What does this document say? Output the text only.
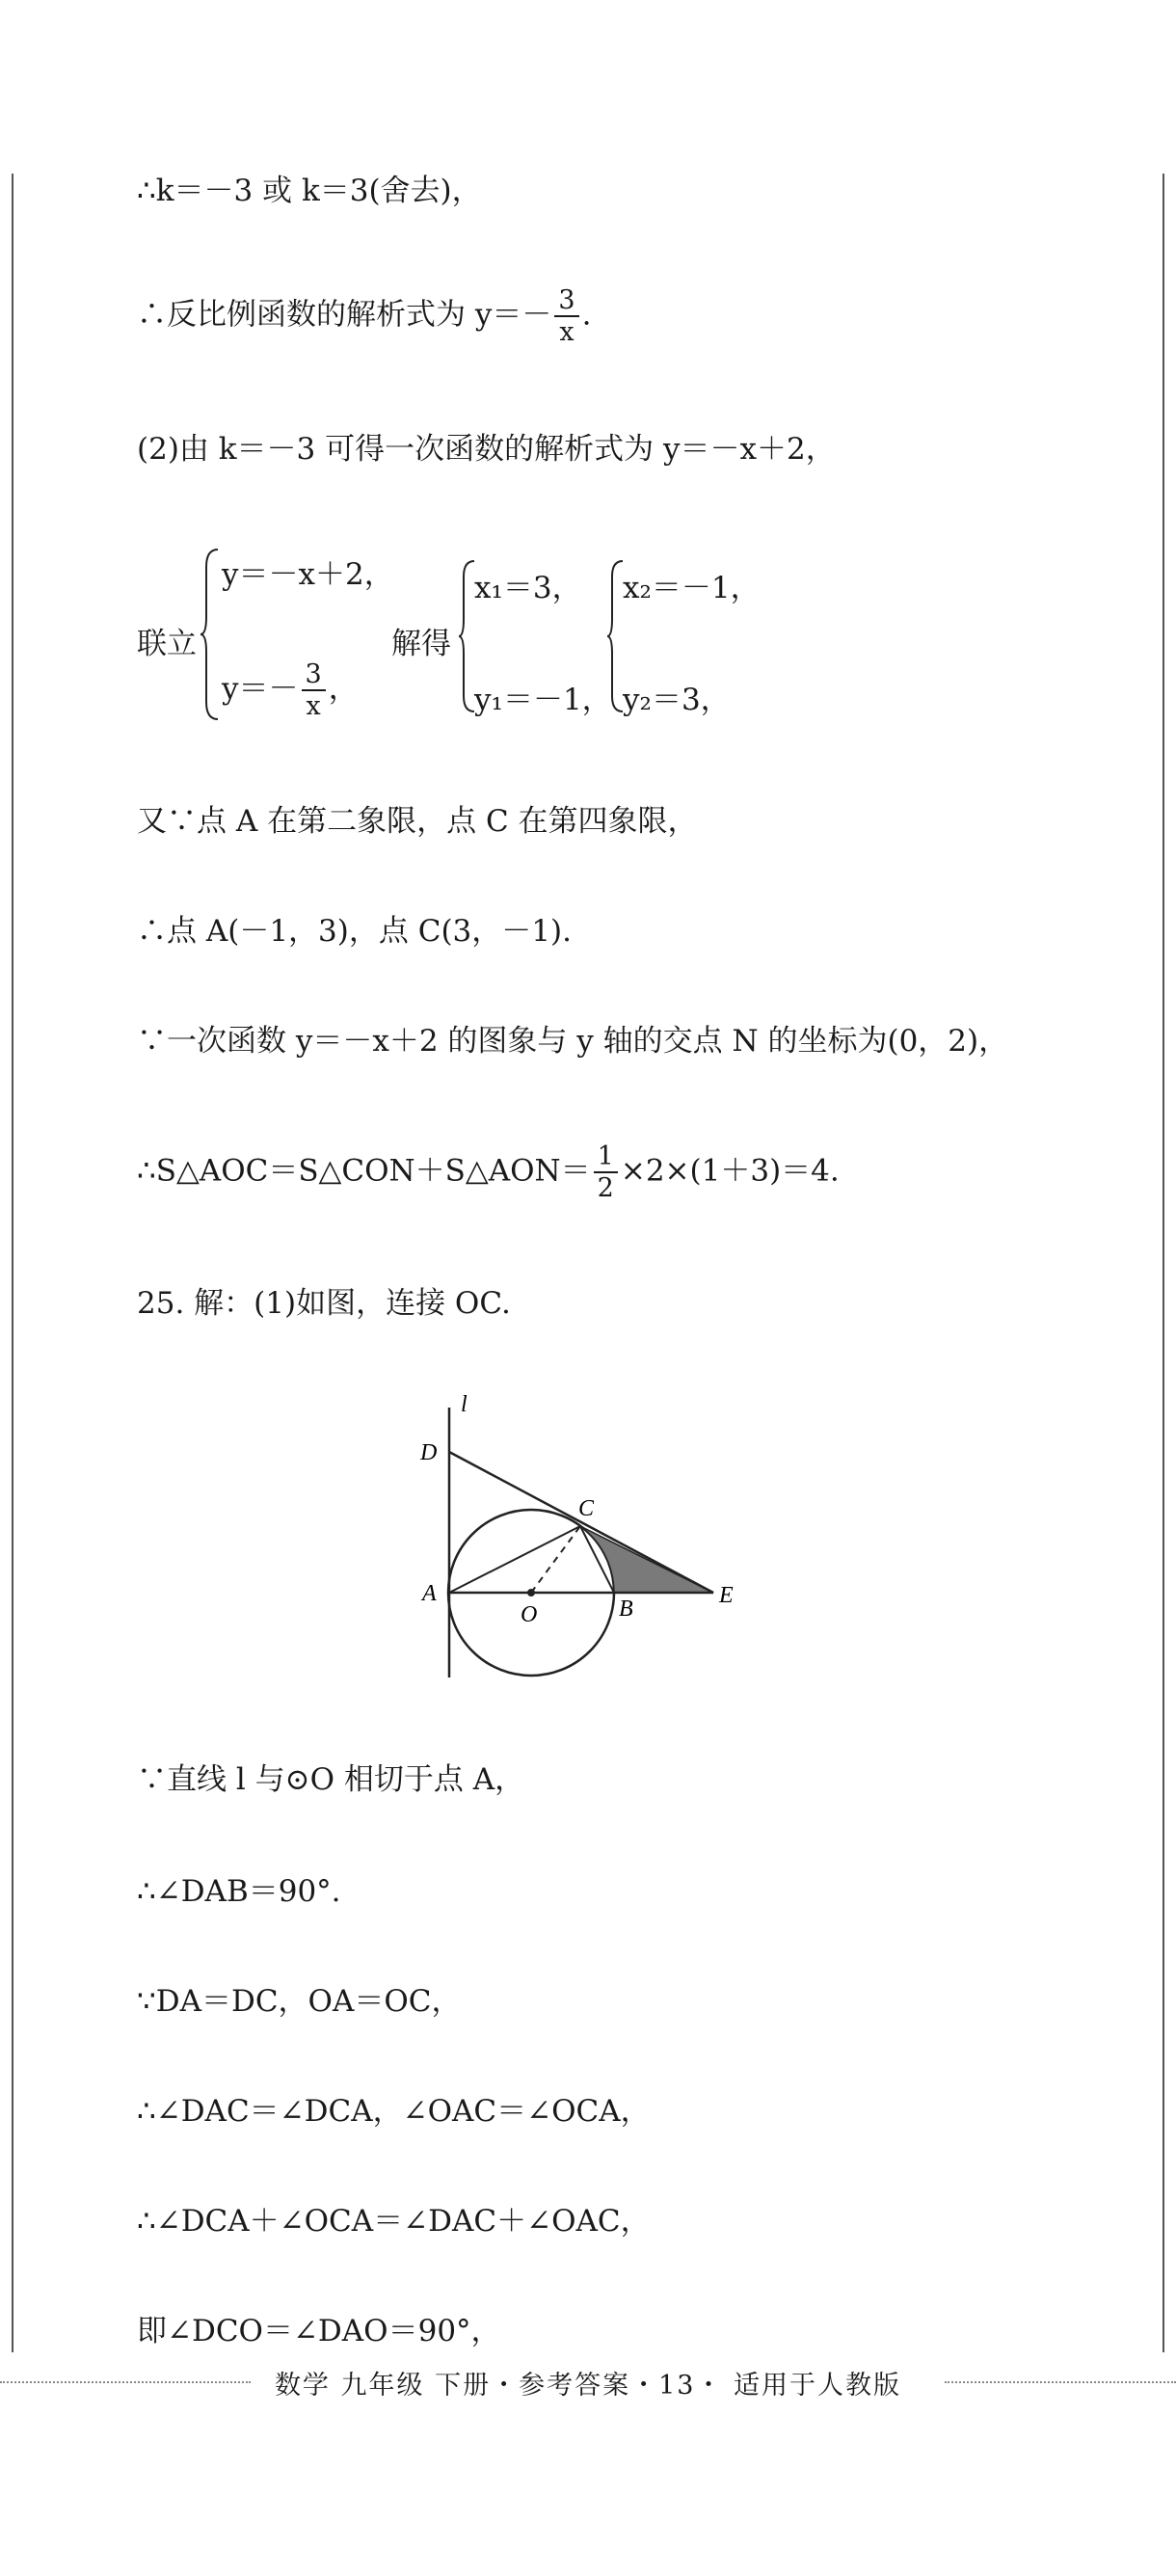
∴k＝－3 或 k＝3(舍去)，
∴反比例函数的解析式为 $y=- \frac{3}{x}$ .
(2)由 k＝－3 可得一次函数的解析式为 y＝－x＋2，
联立
y＝－x＋2，
$y=- \frac{3}{x}$ ，
解得
x₁＝3，
y₁＝－1，
x₂＝－1，
y₂＝3，
又∵点 A 在第二象限，点 C 在第四象限，
∴点 A(－1，3)，点 C(3，－1).
∵一次函数 y＝－x＋2 的图象与 y 轴的交点 N 的坐标为(0，2)，
∴S△AOC＝S△CON＋S△AON＝ $\frac{1}{2} \times 2\times(1+3)=4$.
25. 解：(1)如图，连接 OC.
l
D
C
A
O	B
E
∵直线 l 与⊙O 相切于点 A，
∴∠DAB＝90°.
∵DA＝DC，OA＝OC，
∴∠DAC＝∠DCA，∠OAC＝∠OCA，
∴∠DCA＋∠OCA＝∠DAC＋∠OAC，
即∠DCO＝∠DAO＝90°，
数学 九年级 下册・参考答案・13・ 适用于人教版
